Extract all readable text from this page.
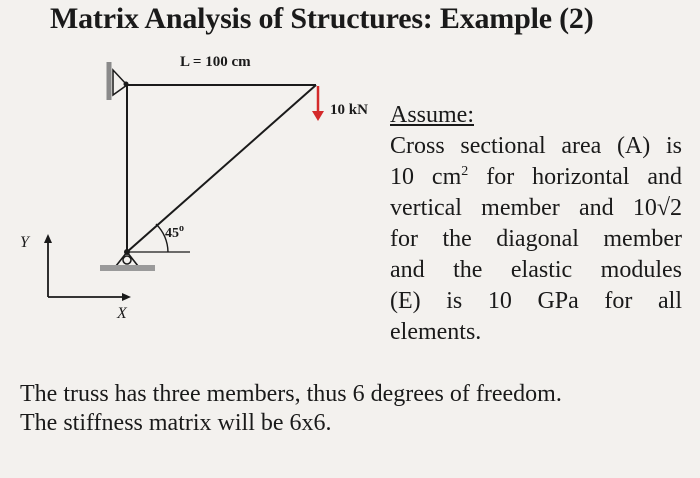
Matrix Analysis of Structures: Example (2)
L = 100 cm
45$^o$
10 kN
Y
X
Assume:
Cross sectional area (A) is
10 $cm^2$ for horizontal and
vertical member and 10√2
for the diagonal member
and the elastic modules
(E) is 10 GPa for all
elements.
The truss has three members, thus 6 degrees of freedom.
The stiffness matrix will be 6x6.
